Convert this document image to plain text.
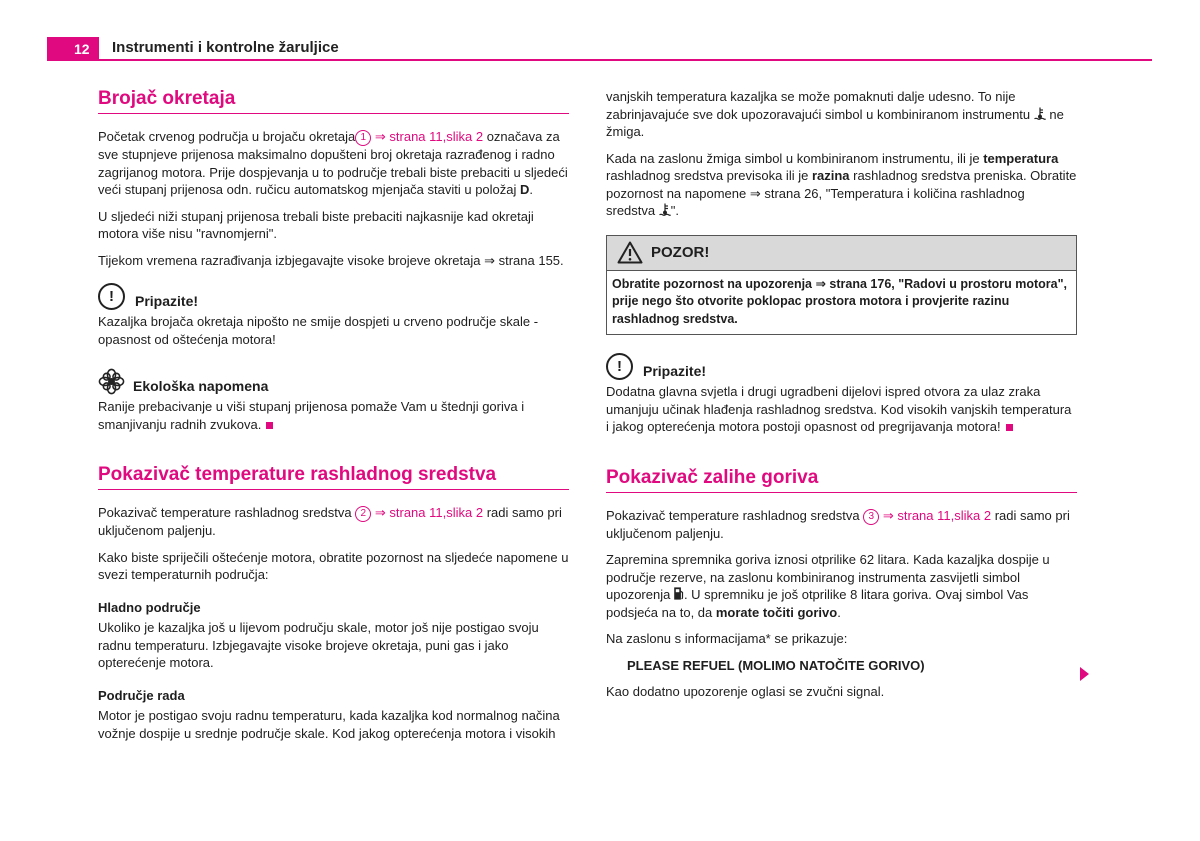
12	Instrumenti i kontrolne žaruljice
Brojač okretaja

Početak crvenog područja u brojaču okretaja 1 ⇒ strana 11,slika 2 označava za sve stupnjeve prijenosa maksimalno dopušteni broj okretaja razrađenog i radno zagrijanog motora. Prije dospjevanja u to područje trebali biste prebaciti u sljedeći veći stupanj prijenosa odn. ručicu automatskog mjenjača staviti u položaj D.

U sljedeći niži stupanj prijenosa trebali biste prebaciti najkasnije kad okretaji motora više nisu "ravnomjerni".

Tijekom vremena razrađivanja izbjegavajte visoke brojeve okretaja ⇒ strana 155.

!	Pripazite!

Kazaljka brojača okretaja nipošto ne smije dospjeti u crveno područje skale - opasnost od oštećenja motora!

Ekološka napomena

Ranije prebacivanje u viši stupanj prijenosa pomaže Vam u štednji goriva i smanjivanju radnih zvukova.

Pokazivač temperature rashladnog sredstva

Pokazivač temperature rashladnog sredstva 2 ⇒ strana 11,slika 2 radi samo pri uključenom paljenju.

Kako biste spriječili oštećenje motora, obratite pozornost na sljedeće napomene u svezi temperaturnih područja:

Hladno područje

Ukoliko je kazaljka još u lijevom području skale, motor još nije postigao svoju radnu temperaturu. Izbjegavajte visoke brojeve okretaja, puni gas i jako opterećenje motora.

Područje rada

Motor je postigao svoju radnu temperaturu, kada kazaljka kod normalnog načina vožnje dospije u srednje područje skale. Kod jakog opterećenja motora i visokih

vanjskih temperatura kazaljka se može pomaknuti dalje udesno. To nije zabrinjavajuće sve dok upozoravajući simbol u kombiniranom instrumentu  ne žmiga.

Kada na zaslonu žmiga simbol u kombiniranom instrumentu, ili je temperatura rashladnog sredstva previsoka ili je razina rashladnog sredstva preniska. Obratite pozornost na napomene ⇒ strana 26, "Temperatura i količina rashladnog sredstva ".

POZOR!
Obratite pozornost na upozorenja ⇒ strana 176, "Radovi u prostoru motora", prije nego što otvorite poklopac prostora motora i provjerite razinu rashladnog sredstva.
!	Pripazite!

Dodatna glavna svjetla i drugi ugradbeni dijelovi ispred otvora za ulaz zraka umanjuju učinak hlađenja rashladnog sredstva. Kod visokih vanjskih temperatura i jakog opterećenja motora postoji opasnost od pregrijavanja motora!

Pokazivač zalihe goriva

Pokazivač temperature rashladnog sredstva 3 ⇒ strana 11,slika 2 radi samo pri uključenom paljenju.

Zapremina spremnika goriva iznosi otprilike 62 litara. Kada kazaljka dospije u područje rezerve, na zaslonu kombiniranog instrumenta zasvijetli simbol upozorenja . U spremniku je još otprilike 8 litara goriva. Ovaj simbol Vas podsjeća na to, da morate točiti gorivo.

Na zaslonu s informacijama* se prikazuje:

PLEASE REFUEL (MOLIMO NATOČITE GORIVO)

Kao dodatno upozorenje oglasi se zvučni signal.
